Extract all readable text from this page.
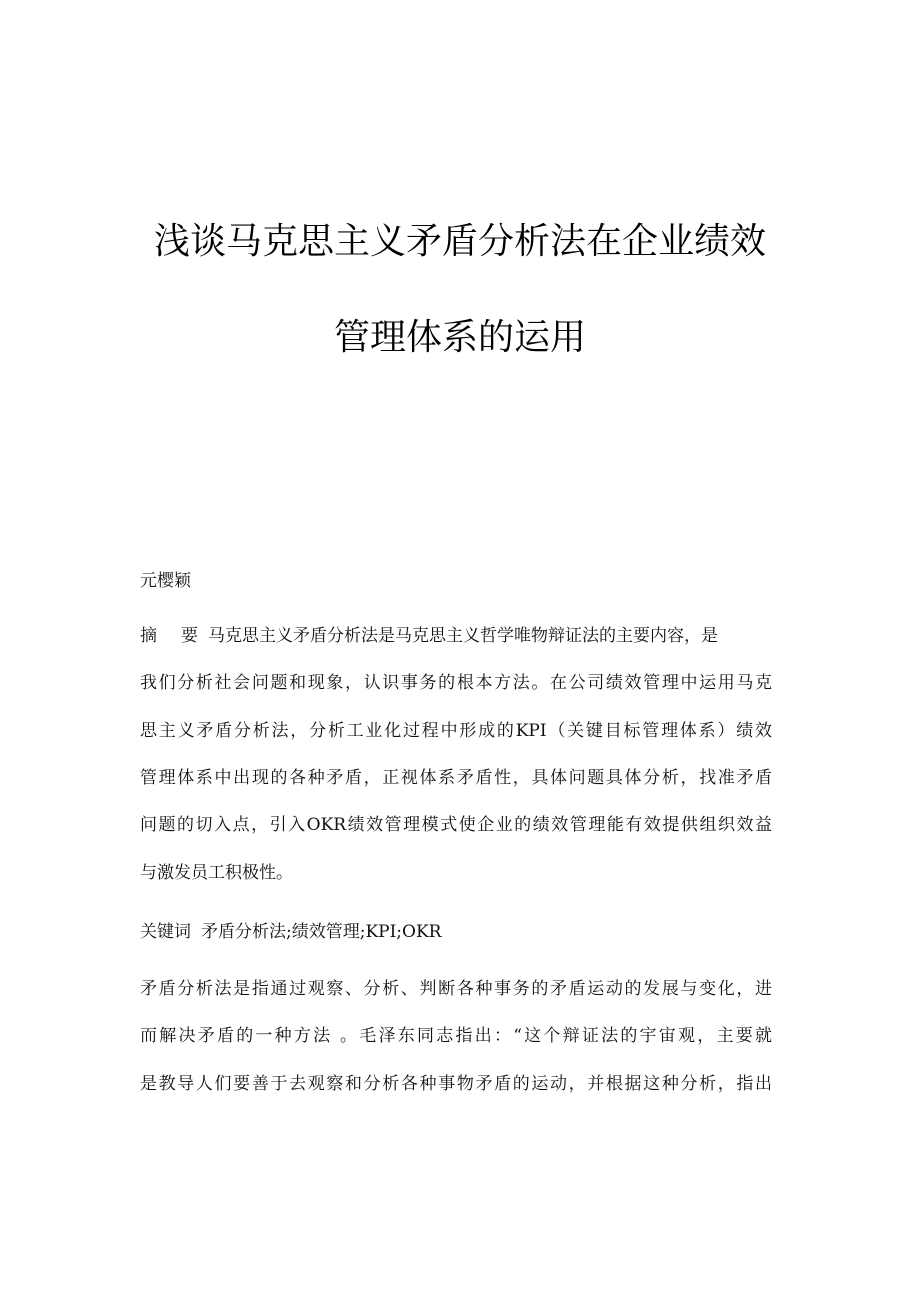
浅谈马克思主义矛盾分析法在企业绩效
管理体系的运用
元樱颖
摘 要 马克思主义矛盾分析法是马克思主义哲学唯物辩证法的主要内容，是
我们分析社会问题和现象，认识事务的根本方法。在公司绩效管理中运用马克
思主义矛盾分析法，分析工业化过程中形成的KPI（关键目标管理体系）绩效
管理体系中出现的各种矛盾，正视体系矛盾性，具体问题具体分析，找准矛盾
问题的切入点，引入OKR绩效管理模式使企业的绩效管理能有效提供组织效益
与激发员工积极性。
关键词 矛盾分析法;绩效管理;KPI;OKR
矛盾分析法是指通过观察、分析、判断各种事务的矛盾运动的发展与变化，进
而解决矛盾的一种方法 。毛泽东同志指出：“这个辩证法的宇宙观，主要就
是教导人们要善于去观察和分析各种事物矛盾的运动，并根据这种分析，指出
